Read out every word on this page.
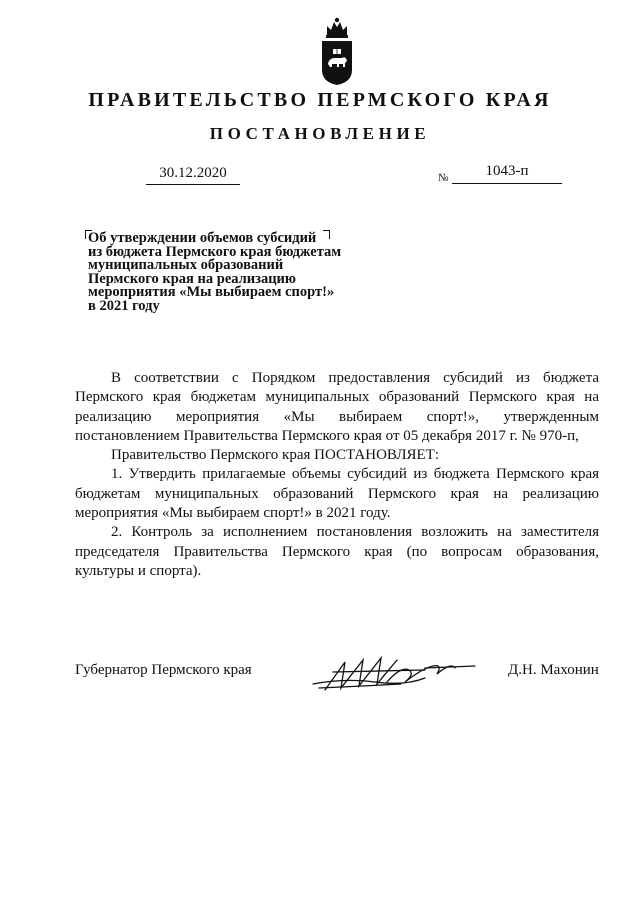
ПРАВИТЕЛЬСТВО ПЕРМСКОГО КРАЯ
ПОСТАНОВЛЕНИЕ
30.12.2020	№	1043-п
Об утверждении объемов субсидий
из бюджета Пермского края бюджетам
муниципальных образований
Пермского края на реализацию
мероприятия «Мы выбираем спорт!»
в 2021 году

В соответствии с Порядком предоставления субсидий из бюджета Пермского края бюджетам муниципальных образований Пермского края на реализацию мероприятия «Мы выбираем спорт!», утвержденным постановлением Правительства Пермского края от 05 декабря 2017 г. № 970-п,

Правительство Пермского края ПОСТАНОВЛЯЕТ:

1. Утвердить прилагаемые объемы субсидий из бюджета Пермского края бюджетам муниципальных образований Пермского края на реализацию мероприятия «Мы выбираем спорт!» в 2021 году.

2. Контроль за исполнением постановления возложить на заместителя председателя Правительства Пермского края (по вопросам образования, культуры и спорта).

Губернатор Пермского края	Д.Н. Махонин
